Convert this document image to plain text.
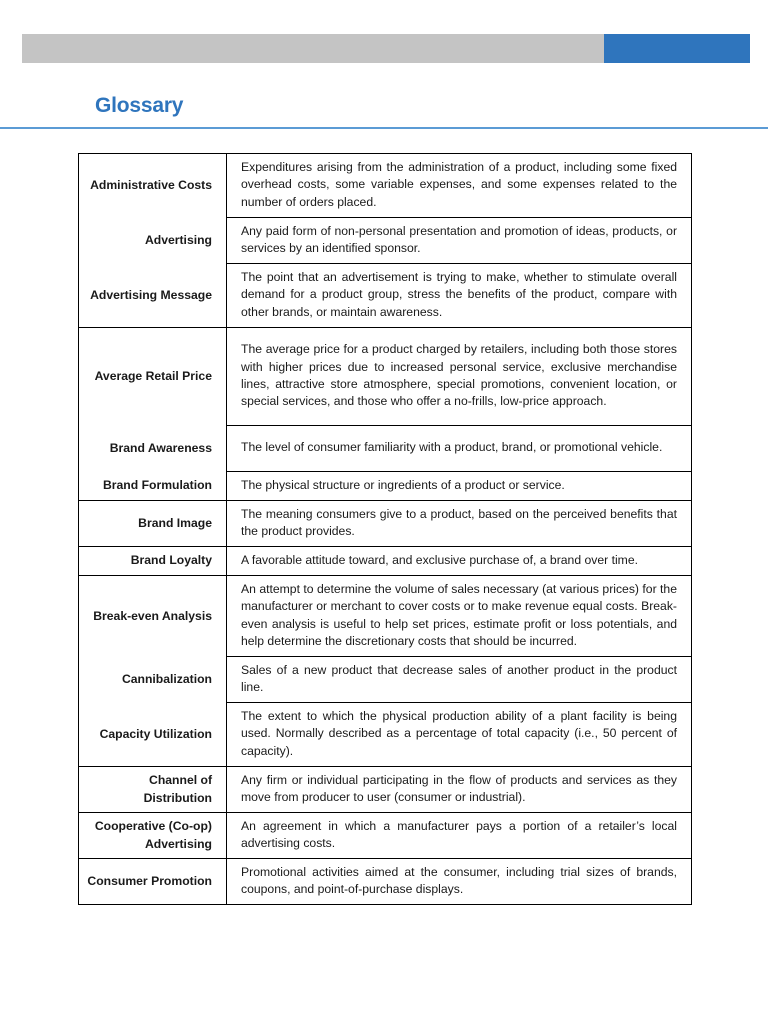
Glossary
Administrative Costs	Expenditures arising from the administration of a product, including some fixed overhead costs, some variable expenses, and some expenses related to the number of orders placed.
Advertising	Any paid form of non-personal presentation and promotion of ideas, products, or services by an identified sponsor.
Advertising Message	The point that an advertisement is trying to make, whether to stimulate overall demand for a product group, stress the benefits of the product, compare with other brands, or maintain awareness.
Average Retail Price	The average price for a product charged by retailers, including both those stores with higher prices due to increased personal service, exclusive merchandise lines, attractive store atmosphere, special promotions, convenient location, or special services, and those who offer a no-frills, low-price approach.
Brand Awareness	The level of consumer familiarity with a product, brand, or promotional vehicle.
Brand Formulation	The physical structure or ingredients of a product or service.
Brand Image	The meaning consumers give to a product, based on the perceived benefits that the product provides.
Brand Loyalty	A favorable attitude toward, and exclusive purchase of, a brand over time.
Break-even Analysis	An attempt to determine the volume of sales necessary (at various prices) for the manufacturer or merchant to cover costs or to make revenue equal costs. Break-even analysis is useful to help set prices, estimate profit or loss potentials, and help determine the discretionary costs that should be incurred.
Cannibalization	Sales of a new product that decrease sales of another product in the product line.
Capacity Utilization	The extent to which the physical production ability of a plant facility is being used. Normally described as a percentage of total capacity (i.e., 50 percent of capacity).
Channel of Distribution	Any firm or individual participating in the flow of products and services as they move from producer to user (consumer or industrial).
Cooperative (Co-op) Advertising	An agreement in which a manufacturer pays a portion of a retailer’s local advertising costs.
Consumer Promotion	Promotional activities aimed at the consumer, including trial sizes of brands, coupons, and point-of-purchase displays.
